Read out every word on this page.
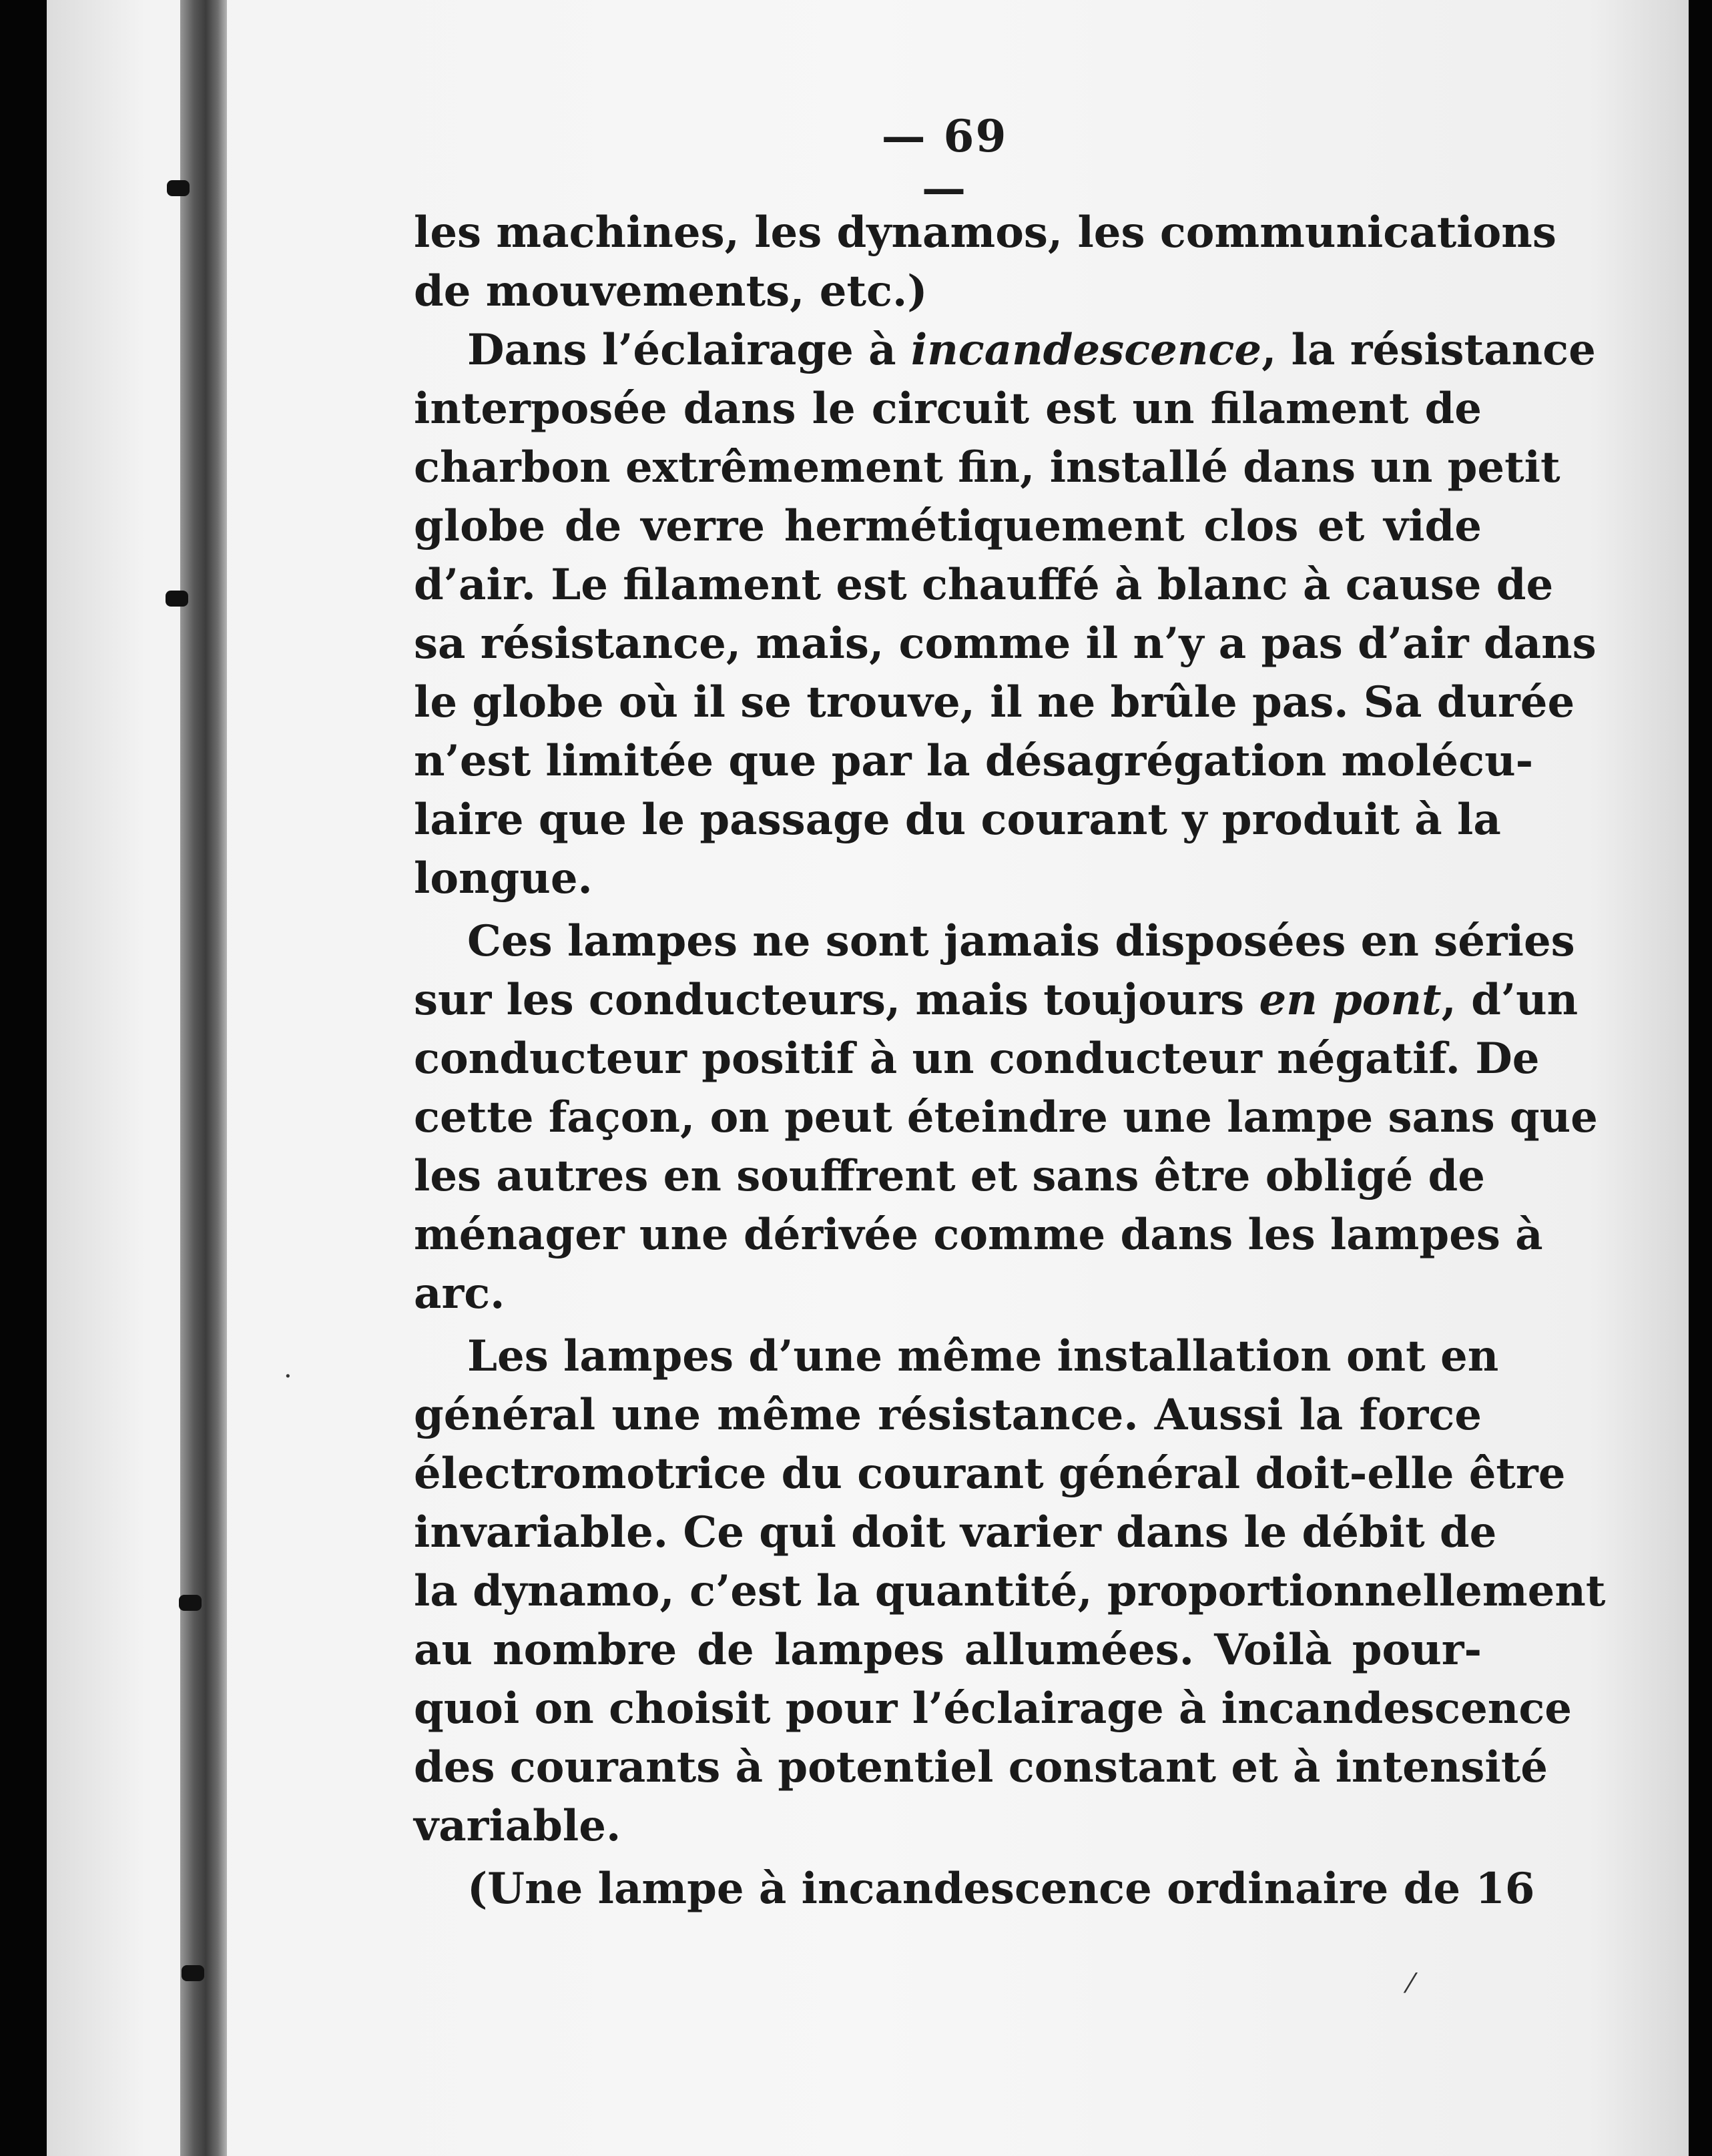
·
⁄
— 69 —
les machines, les dynamos, les communications
de mouvements, etc.)
Dans l’éclairage à incandescence, la résistance
interposée dans le circuit est un filament de
charbon extrêmement fin, installé dans un petit
globe de verre hermétiquement clos et vide
d’air. Le filament est chauffé à blanc à cause de
sa résistance, mais, comme il n’y a pas d’air dans
le globe où il se trouve, il ne brûle pas. Sa durée
n’est limitée que par la désagrégation molécu-
laire que le passage du courant y produit à la
longue.
Ces lampes ne sont jamais disposées en séries
sur les conducteurs, mais toujours en pont, d’un
conducteur positif à un conducteur négatif. De
cette façon, on peut éteindre une lampe sans que
les autres en souffrent et sans être obligé de
ménager une dérivée comme dans les lampes à
arc.
Les lampes d’une même installation ont en
général une même résistance. Aussi la force
électromotrice du courant général doit-elle être
invariable. Ce qui doit varier dans le débit de
la dynamo, c’est la quantité, proportionnellement
au nombre de lampes allumées. Voilà pour-
quoi on choisit pour l’éclairage à incandescence
des courants à potentiel constant et à intensité
variable.
(Une lampe à incandescence ordinaire de 16
